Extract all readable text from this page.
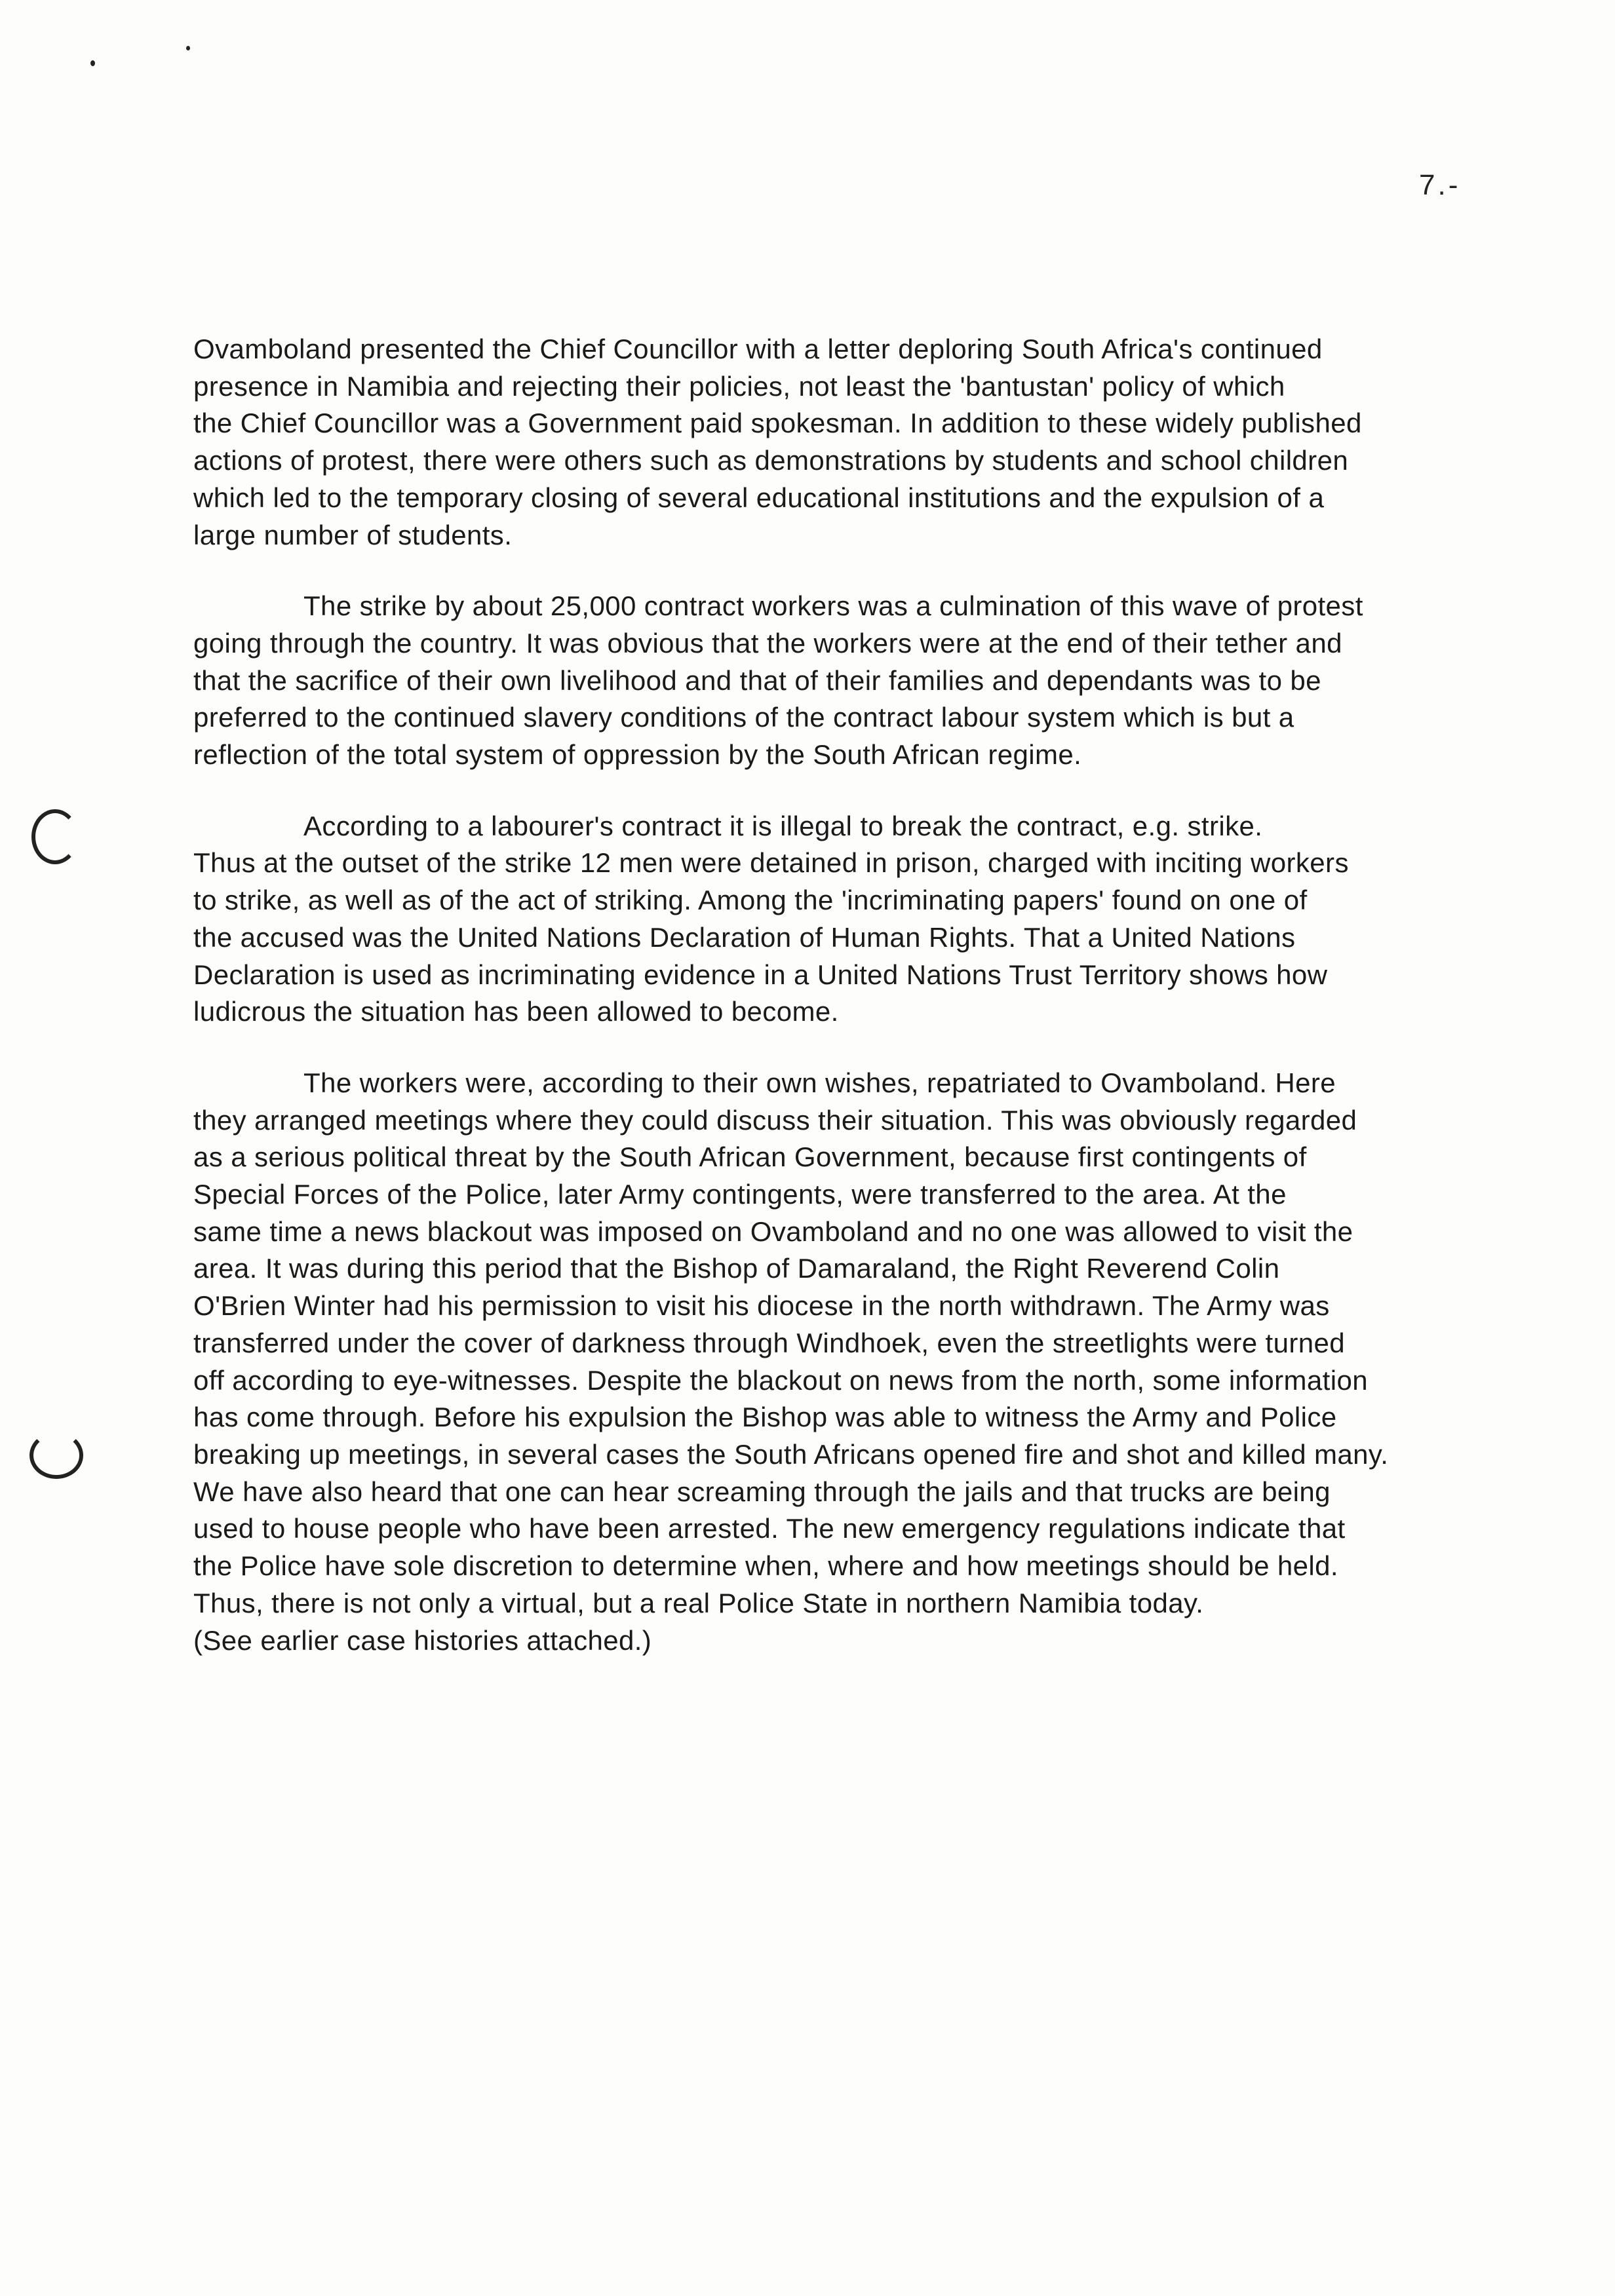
7.-
Ovamboland presented the Chief Councillor with a letter deploring South Africa's continued
presence in Namibia and rejecting their policies, not least the 'bantustan' policy of which
the Chief Councillor was a Government paid spokesman. In addition to these widely published
actions of protest, there were others such as demonstrations by students and school children
which led to the temporary closing of several educational institutions and the expulsion of a
large number of students.
The strike by about 25,000 contract workers was a culmination of this wave of protest
going through the country. It was obvious that the workers were at the end of their tether and
that the sacrifice of their own livelihood and that of their families and dependants was to be
preferred to the continued slavery conditions of the contract labour system which is but a
reflection of the total system of oppression by the South African regime.
According to a labourer's contract it is illegal to break the contract, e.g. strike.
Thus at the outset of the strike 12 men were detained in prison, charged with inciting workers
to strike, as well as of the act of striking. Among the 'incriminating papers' found on one of
the accused was the United Nations Declaration of Human Rights. That a United Nations
Declaration is used as incriminating evidence in a United Nations Trust Territory shows how
ludicrous the situation has been allowed to become.
The workers were, according to their own wishes, repatriated to Ovamboland. Here
they arranged meetings where they could discuss their situation. This was obviously regarded
as a serious political threat by the South African Government, because first contingents of
Special Forces of the Police, later Army contingents, were transferred to the area. At the
same time a news blackout was imposed on Ovamboland and no one was allowed to visit the
area. It was during this period that the Bishop of Damaraland, the Right Reverend Colin
O'Brien Winter had his permission to visit his diocese in the north withdrawn. The Army was
transferred under the cover of darkness through Windhoek, even the streetlights were turned
off according to eye-witnesses. Despite the blackout on news from the north, some information
has come through. Before his expulsion the Bishop was able to witness the Army and Police
breaking up meetings, in several cases the South Africans opened fire and shot and killed many.
We have also heard that one can hear screaming through the jails and that trucks are being
used to house people who have been arrested. The new emergency regulations indicate that
the Police have sole discretion to determine when, where and how meetings should be held.
Thus, there is not only a virtual, but a real Police State in northern Namibia today.
(See earlier case histories attached.)
